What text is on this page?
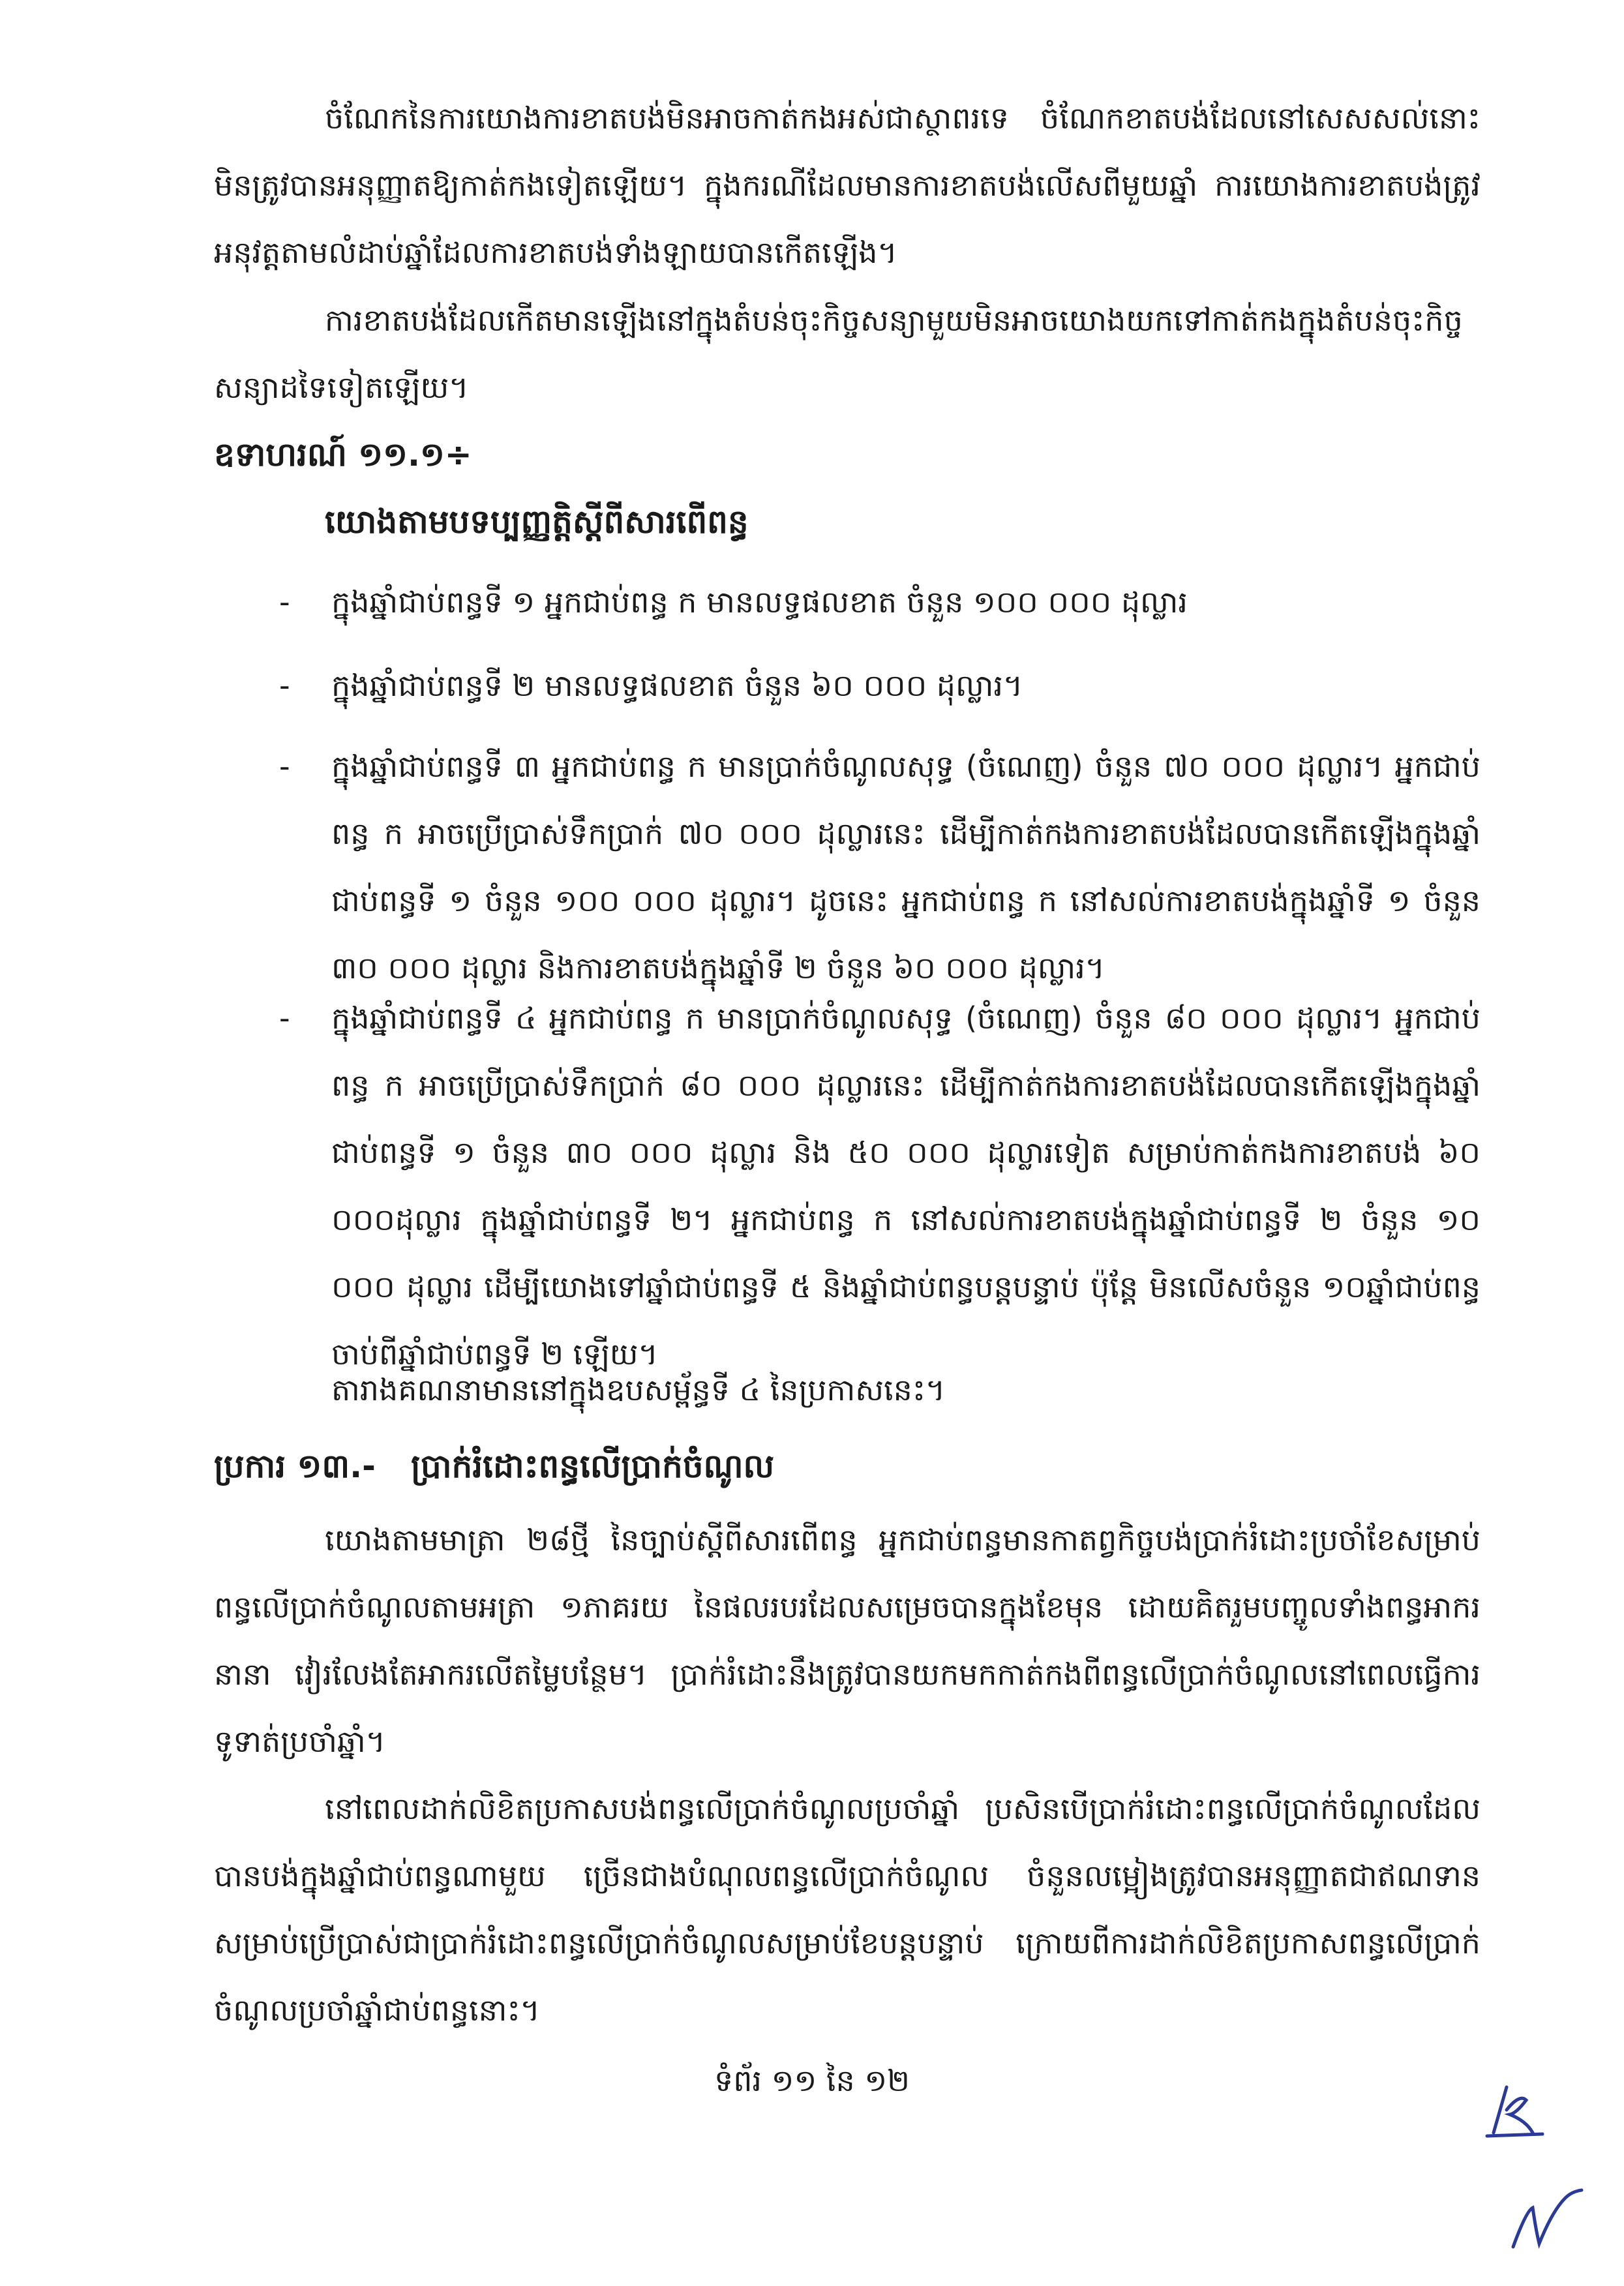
ចំណែកនៃការយោងការខាតបង់មិនអាចកាត់កងអស់ជាស្ថាពរទេ ចំណែកខាតបង់ដែលនៅសេសសល់នោះ មិនត្រូវបានអនុញ្ញាតឱ្យកាត់កងទៀតឡើយ។ ក្នុងករណីដែលមានការខាតបង់លើសពីមួយឆ្នាំ ការយោងការខាតបង់ត្រូវអនុវត្តតាមលំដាប់ឆ្នាំដែលការខាតបង់ទាំងឡាយបានកើតឡើង។
ការខាតបង់ដែលកើតមានឡើងនៅក្នុងតំបន់ចុះកិច្ចសន្យាមួយមិនអាចយោងយកទៅកាត់កងក្នុងតំបន់ចុះកិច្ចសន្យាដទៃទៀតឡើយ។
ឧទាហរណ៍ ១១.១÷
យោងតាមបទប្បញ្ញត្តិស្តីពីសារពើពន្ធ
- ក្នុងឆ្នាំជាប់ពន្ធទី ១ អ្នកជាប់ពន្ធ ក មានលទ្ធផលខាត ចំនួន ១០០ ០០០ ដុល្លារ
- ក្នុងឆ្នាំជាប់ពន្ធទី ២ មានលទ្ធផលខាត ចំនួន ៦០ ០០០ ដុល្លារ។
- ក្នុងឆ្នាំជាប់ពន្ធទី ៣ អ្នកជាប់ពន្ធ ក មានប្រាក់ចំណូលសុទ្ធ (ចំណេញ) ចំនួន ៧០ ០០០ ដុល្លារ។ អ្នកជាប់ពន្ធ ក អាចប្រើប្រាស់ទឹកប្រាក់ ៧០ ០០០ ដុល្លារនេះ ដើម្បីកាត់កងការខាតបង់ដែលបានកើតឡើងក្នុងឆ្នាំជាប់ពន្ធទី ១ ចំនួន ១០០ ០០០ ដុល្លារ។ ដូចនេះ អ្នកជាប់ពន្ធ ក នៅសល់ការខាតបង់ក្នុងឆ្នាំទី ១ ចំនួន ៣០ ០០០ ដុល្លារ និងការខាតបង់ក្នុងឆ្នាំទី ២ ចំនួន ៦០ ០០០ ដុល្លារ។
- ក្នុងឆ្នាំជាប់ពន្ធទី ៤ អ្នកជាប់ពន្ធ ក មានប្រាក់ចំណូលសុទ្ធ (ចំណេញ) ចំនួន ៨០ ០០០ ដុល្លារ។ អ្នកជាប់ពន្ធ ក អាចប្រើប្រាស់ទឹកប្រាក់ ៨០ ០០០ ដុល្លារនេះ ដើម្បីកាត់កងការខាតបង់ដែលបានកើតឡើងក្នុងឆ្នាំជាប់ពន្ធទី ១ ចំនួន ៣០ ០០០ ដុល្លារ និង ៥០ ០០០ ដុល្លារទៀត សម្រាប់កាត់កងការខាតបង់ ៦០ ០០០ដុល្លារ ក្នុងឆ្នាំជាប់ពន្ធទី ២។ អ្នកជាប់ពន្ធ ក នៅសល់ការខាតបង់ក្នុងឆ្នាំជាប់ពន្ធទី ២ ចំនួន ១០ ០០០ ដុល្លារ ដើម្បីយោងទៅឆ្នាំជាប់ពន្ធទី ៥ និងឆ្នាំជាប់ពន្ធបន្តបន្ទាប់ ប៉ុន្តែ មិនលើសចំនួន ១០ឆ្នាំជាប់ពន្ធ ចាប់ពីឆ្នាំជាប់ពន្ធទី ២ ឡើយ។
តារាងគណនាមាននៅក្នុងឧបសម្ព័ន្ធទី ៤ នៃប្រកាសនេះ។
ប្រការ ១៣.- ប្រាក់រំដោះពន្ធលើប្រាក់ចំណូល
យោងតាមមាត្រា ២៨ថ្មី នៃច្បាប់ស្តីពីសារពើពន្ធ អ្នកជាប់ពន្ធមានកាតព្វកិច្ចបង់ប្រាក់រំដោះប្រចាំខែសម្រាប់ពន្ធលើប្រាក់ចំណូលតាមអត្រា ១ភាគរយ នៃផលរបរដែលសម្រេចបានក្នុងខែមុន ដោយគិតរួមបញ្ចូលទាំងពន្ធអាករនានា វៀរលែងតែអាករលើតម្លៃបន្ថែម។ ប្រាក់រំដោះនឹងត្រូវបានយកមកកាត់កងពីពន្ធលើប្រាក់ចំណូលនៅពេលធ្វើការទូទាត់ប្រចាំឆ្នាំ។
នៅពេលដាក់លិខិតប្រកាសបង់ពន្ធលើប្រាក់ចំណូលប្រចាំឆ្នាំ ប្រសិនបើប្រាក់រំដោះពន្ធលើប្រាក់ចំណូលដែលបានបង់ក្នុងឆ្នាំជាប់ពន្ធណាមួយ ច្រើនជាងបំណុលពន្ធលើប្រាក់ចំណូល ចំនួនលម្អៀងត្រូវបានអនុញ្ញាតជាឥណទានសម្រាប់ប្រើប្រាស់ជាប្រាក់រំដោះពន្ធលើប្រាក់ចំណូលសម្រាប់ខែបន្តបន្ទាប់ ក្រោយពីការដាក់លិខិតប្រកាសពន្ធលើប្រាក់ចំណូលប្រចាំឆ្នាំជាប់ពន្ធនោះ។
ទំព័រ ១១ នៃ ១២
